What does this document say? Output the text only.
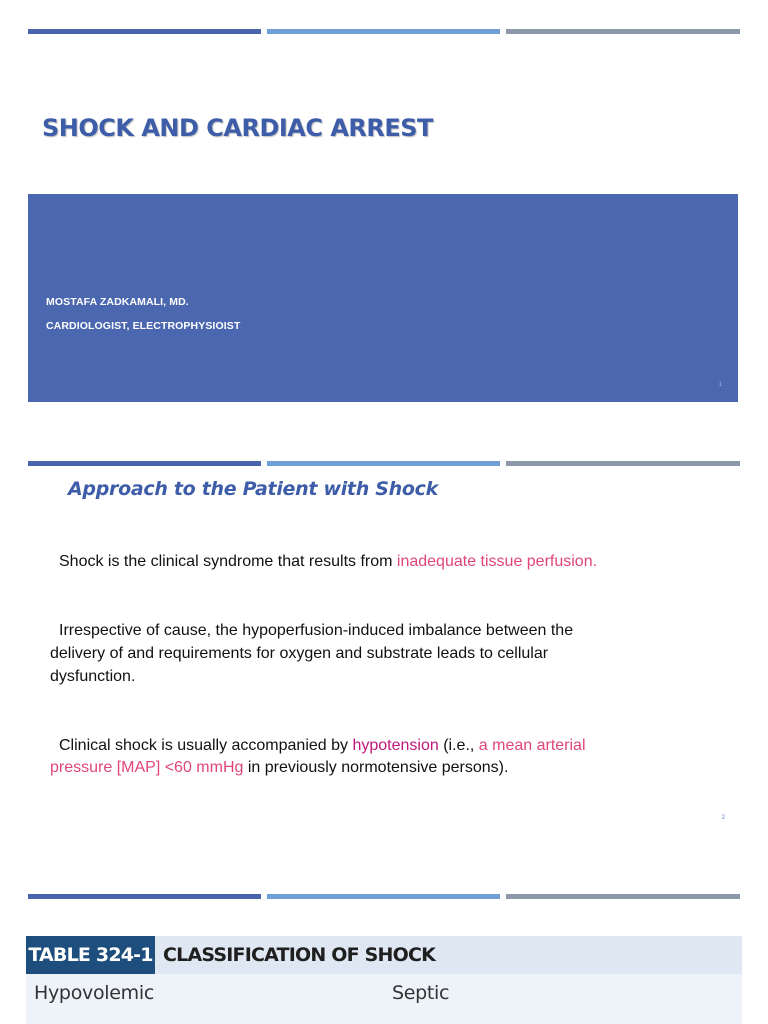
SHOCK AND CARDIAC ARREST
MOSTAFA ZADKAMALI, MD.
CARDIOLOGIST, ELECTROPHYSIOIST
1
Approach to the Patient with Shock
Shock is the clinical syndrome that results from inadequate tissue perfusion.
Irrespective of cause, the hypoperfusion-induced imbalance between the delivery of and requirements for oxygen and substrate leads to cellular dysfunction.
Clinical shock is usually accompanied by hypotension (i.e., a mean arterial pressure [MAP] <60 mmHg in previously normotensive persons).
2
TABLE 324-1 CLASSIFICATION OF SHOCK
Hypovolemic	Septic
